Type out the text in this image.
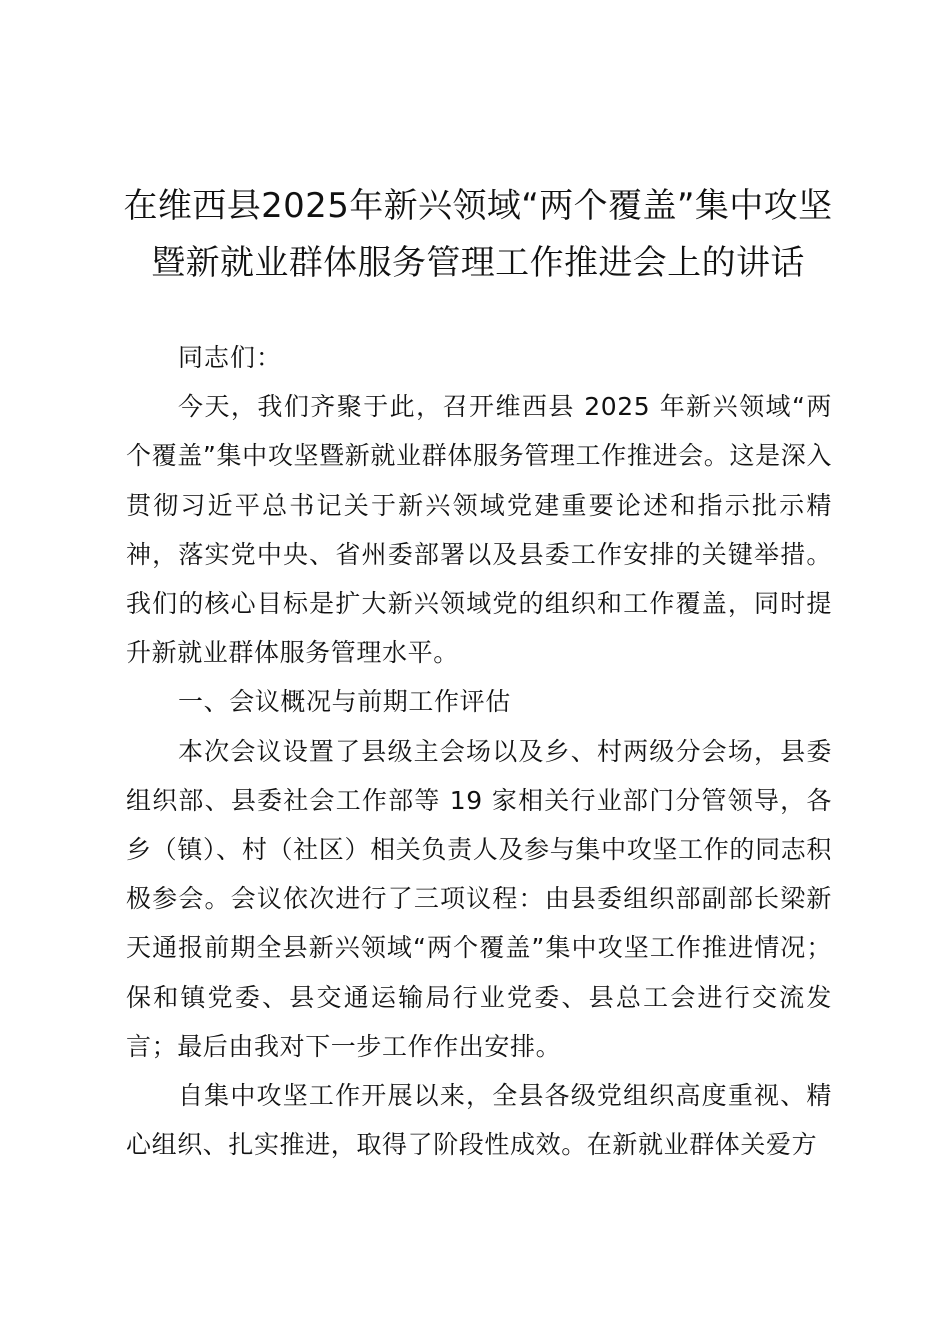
在维西县2025年新兴领域“两个覆盖”集中攻坚暨新就业群体服务管理工作推进会上的讲话

同志们：

今天，我们齐聚于此，召开维西县 2025 年新兴领域“两个覆盖”集中攻坚暨新就业群体服务管理工作推进会。这是深入贯彻习近平总书记关于新兴领域党建重要论述和指示批示精神，落实党中央、省州委部署以及县委工作安排的关键举措。我们的核心目标是扩大新兴领域党的组织和工作覆盖，同时提升新就业群体服务管理水平。

一、会议概况与前期工作评估

本次会议设置了县级主会场以及乡、村两级分会场，县委组织部、县委社会工作部等 19 家相关行业部门分管领导，各乡（镇）、村（社区）相关负责人及参与集中攻坚工作的同志积极参会。会议依次进行了三项议程：由县委组织部副部长梁新天通报前期全县新兴领域“两个覆盖”集中攻坚工作推进情况；保和镇党委、县交通运输局行业党委、县总工会进行交流发言；最后由我对下一步工作作出安排。

自集中攻坚工作开展以来，全县各级党组织高度重视、精心组织、扎实推进，取得了阶段性成效。在新就业群体关爱方
